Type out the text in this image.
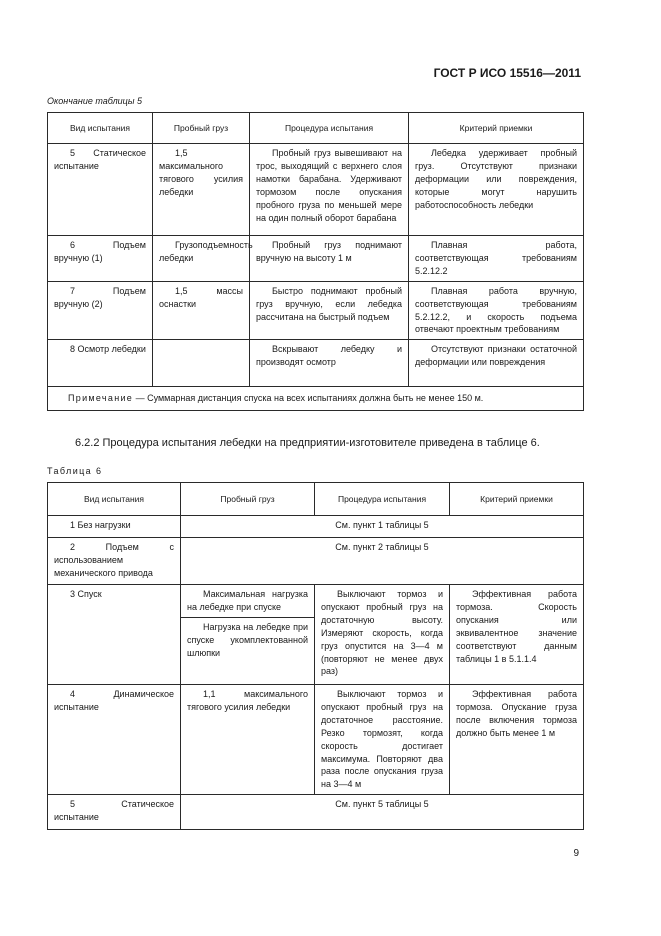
ГОСТ Р ИСО 15516—2011
Окончание таблицы 5
Вид испытания	Пробный груз	Процедура испытания	Критерий приемки
5 Статическое испытание	1,5 максимального тягового усилия лебедки	Пробный груз вывешивают на трос, выходящий с верхнего слоя намотки барабана. Удерживают тормозом после опускания пробного груза по меньшей мере на один полный оборот барабана	Лебедка удерживает пробный груз. Отсутствуют признаки деформации или повреждения, которые могут нарушить работоспособность лебедки
6 Подъем вручную (1)	Грузоподъемность лебедки	Пробный груз поднимают вручную на высоту 1 м	Плавная работа, соответствующая требованиям 5.2.12.2
7 Подъем вручную (2)	1,5 массы оснастки	Быстро поднимают пробный груз вручную, если лебедка рассчитана на быстрый подъем	Плавная работа вручную, соответствующая требованиям 5.2.12.2, и скорость подъема отвечают проектным требованиям
8 Осмотр лебедки		Вскрывают лебедку и производят осмотр	Отсутствуют признаки остаточной деформации или повреждения
Примечание — Суммарная дистанция спуска на всех испытаниях должна быть не менее 150 м.			
6.2.2 Процедура испытания лебедки на предприятии-изготовителе приведена в таблице 6.
Таблица 6
Вид испытания	Пробный груз	Процедура испытания	Критерий приемки
1 Без нагрузки	См. пункт 1 таблицы 5		
2 Подъем с использованием механического привода	См. пункт 2 таблицы 5		
3 Спуск	Максимальная нагрузка на лебедке при спуске	Выключают тормоз и опускают пробный груз на достаточную высоту. Измеряют скорость, когда груз опустится на 3—4 м (повторяют не менее двух раз)	Эффективная работа тормоза. Скорость опускания или эквивалентное значение соответствуют данным таблицы 1 в 5.1.1.4
	Нагрузка на лебедке при спуске укомплектованной шлюпки		
4 Динамическое испытание	1,1 максимального тягового усилия лебедки	Выключают тормоз и опускают пробный груз на достаточное расстояние. Резко тормозят, когда скорость достигает максимума. Повторяют два раза после опускания груза на 3—4 м	Эффективная работа тормоза. Опускание груза после включения тормоза должно быть менее 1 м
5 Статическое испытание	См. пункт 5 таблицы 5		
9
